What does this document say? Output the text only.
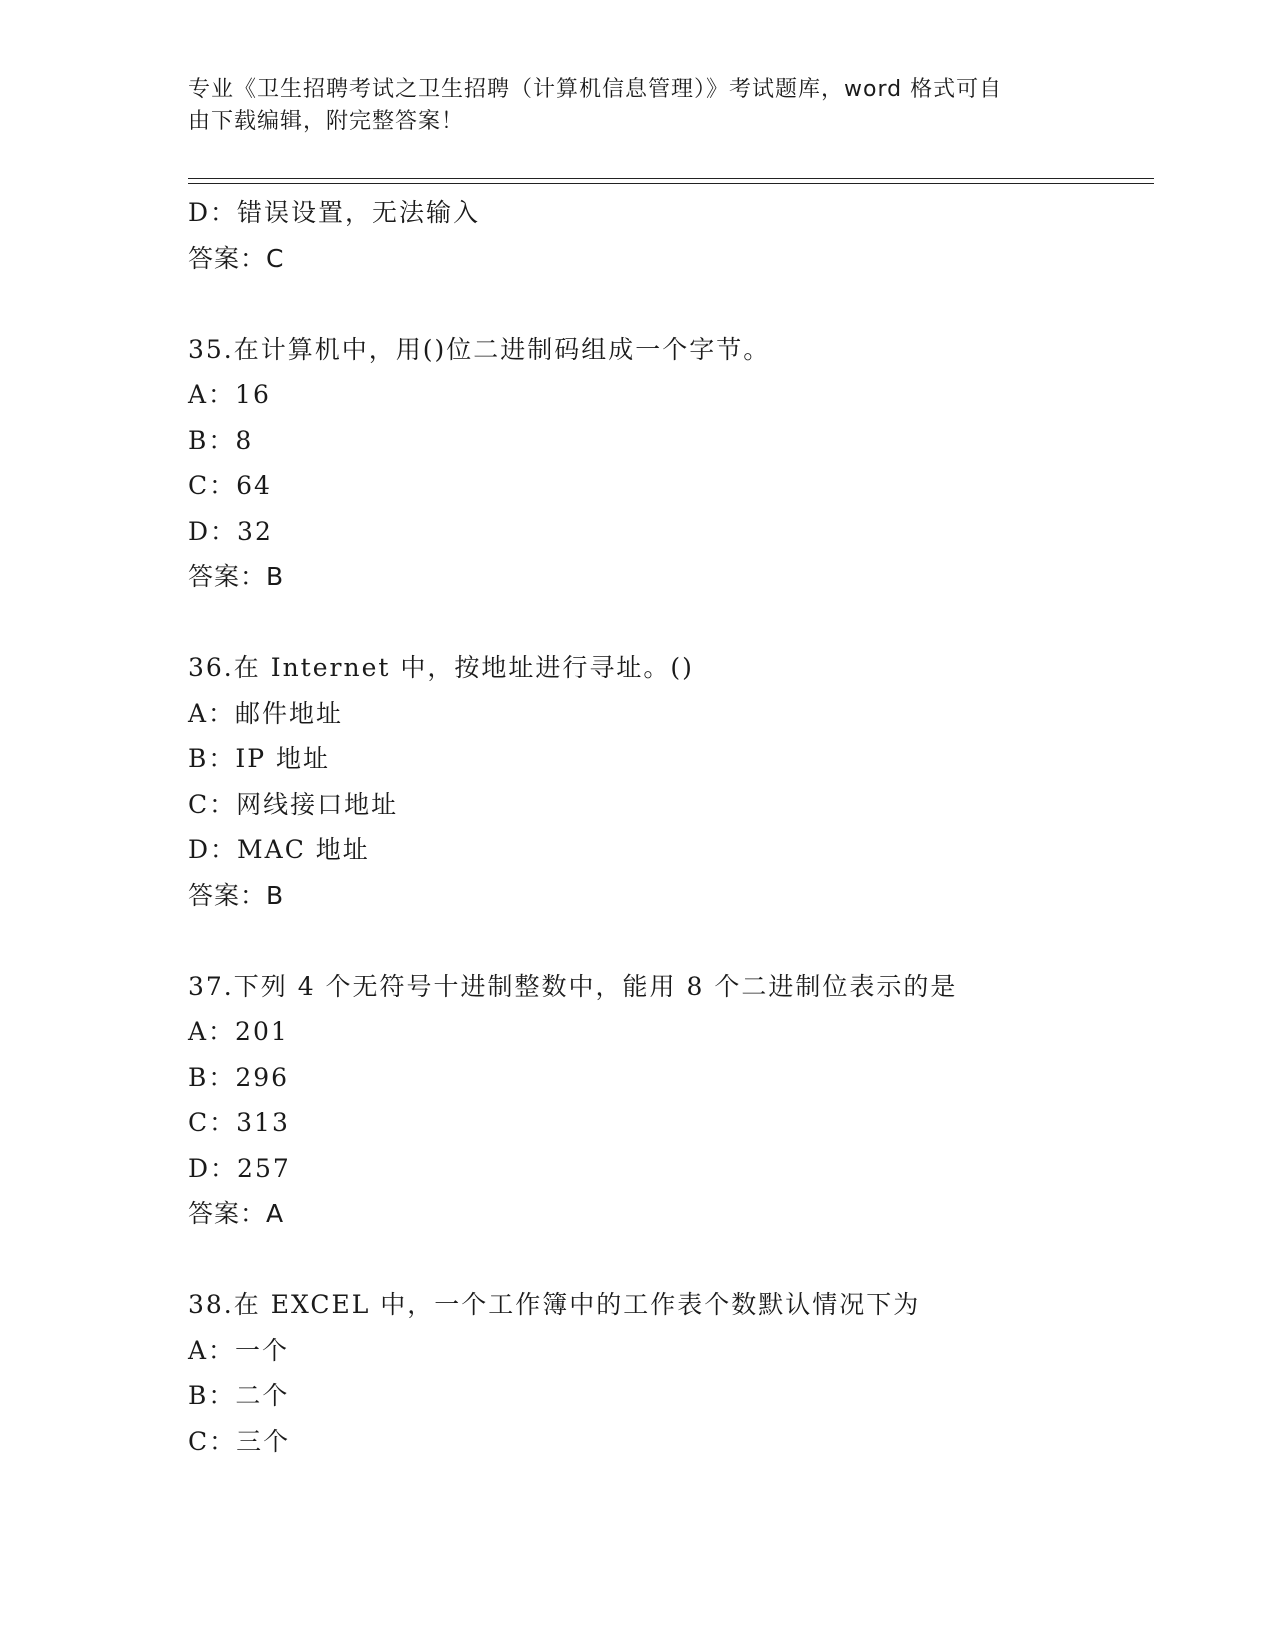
专业《卫生招聘考试之卫生招聘（计算机信息管理）》考试题库，word 格式可自
由下载编辑，附完整答案！
D：错误设置，无法输入
答案：C
35.在计算机中，用()位二进制码组成一个字节。
A：16
B：8
C：64
D：32
答案：B
36.在 Internet 中，按地址进行寻址。()
A：邮件地址
B：IP 地址
C：网线接口地址
D：MAC 地址
答案：B
37.下列 4 个无符号十进制整数中，能用 8 个二进制位表示的是
A：201
B：296
C：313
D：257
答案：A
38.在 EXCEL 中，一个工作簿中的工作表个数默认情况下为
A：一个
B：二个
C：三个
